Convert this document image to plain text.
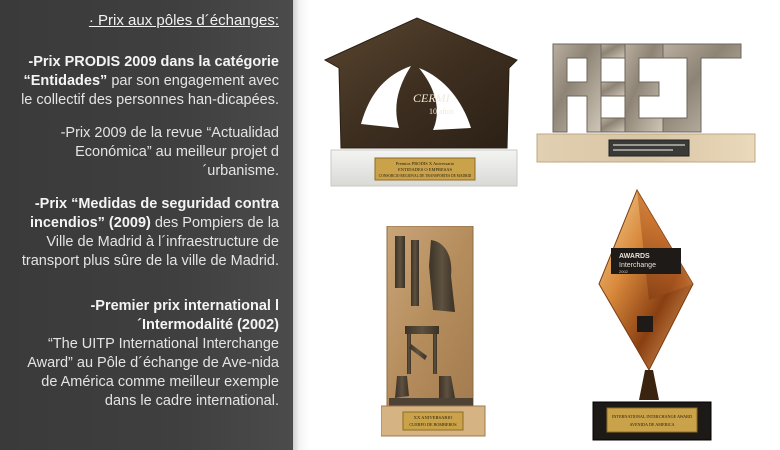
· Prix aux pôles d´échanges:
-Prix PRODIS 2009 dans la catégorie “Entidades” par son engagement avec le collectif des personnes han-dicapées.
-Prix 2009 de la revue “Actualidad Económica” au meilleur projet d´urbanisme.
-Prix “Medidas de seguridad contra incendios” (2009) des Pompiers de la Ville de Madrid à l´infraestructure de transport plus sûre de la ville de Madrid.
-Premier prix international l´Intermodalité (2002)
“The UITP International Interchange Award” au Pôle d´échange de Ave-nida de América comme meilleur exemple dans le cadre international.
CERMI
10 años
Premios PRODIS X Aniversario
ENTIDADES O EMPRESAS
CONSORCIO REGIONAL DE TRANSPORTES DE MADRID
XX ANIVERSARIO
CUERPO DE BOMBEROS
AWARDS
Interchange
2002
INTERNATIONAL INTERCHANGE AWARD
AVENIDA DE AMERICA
